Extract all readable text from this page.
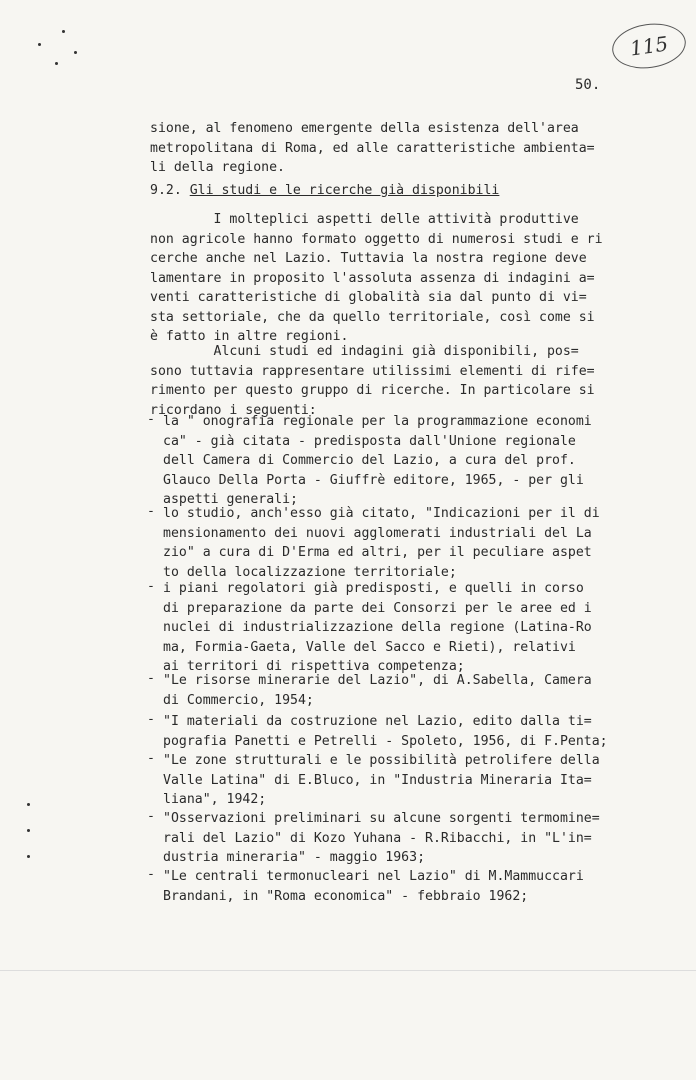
115
50.
sione, al fenomeno emergente della esistenza dell'area
metropolitana di Roma, ed alle caratteristiche ambienta=
li della regione.
9.2. Gli studi e le ricerche già disponibili
I molteplici aspetti delle attività produttive
non agricole hanno formato oggetto di numerosi studi e ri
cerche anche nel Lazio. Tuttavia la nostra regione deve
lamentare in proposito l'assoluta assenza di indagini a=
venti caratteristiche di globalità sia dal punto di vi=
sta settoriale, che da quello territoriale, così come si
è fatto in altre regioni.
Alcuni studi ed indagini già disponibili, pos=
sono tuttavia rappresentare utilissimi elementi di rife=
rimento per questo gruppo di ricerche. In particolare si
ricordano i seguenti:
- la " onografia regionale per la programmazione economi
ca" - già citata - predisposta dall'Unione regionale
dell Camera di Commercio del Lazio, a cura del prof.
Glauco Della Porta - Giuffrè editore, 1965, - per gli
aspetti generali;
- lo studio, anch'esso già citato, "Indicazioni per il di
mensionamento dei nuovi agglomerati industriali del La
zio" a cura di D'Erma ed altri, per il peculiare aspet
to della localizzazione territoriale;
- i piani regolatori già predisposti, e quelli in corso
di preparazione da parte dei Consorzi per le aree ed i
nuclei di industrializzazione della regione (Latina-Ro
ma, Formia-Gaeta, Valle del Sacco e Rieti), relativi
ai territori di rispettiva competenza;
- "Le risorse minerarie del Lazio", di A.Sabella, Camera
di Commercio, 1954;
- "I materiali da costruzione nel Lazio, edito dalla ti=
pografia Panetti e Petrelli - Spoleto, 1956, di F.Penta;
- "Le zone strutturali e le possibilità petrolifere della
Valle Latina" di E.Bluco, in "Industria Mineraria Ita=
liana", 1942;
- "Osservazioni preliminari su alcune sorgenti termomine=
rali del Lazio" di Kozo Yuhana - R.Ribacchi, in "L'in=
dustria mineraria" - maggio 1963;
- "Le centrali termonucleari nel Lazio" di M.Mammuccari
Brandani, in "Roma economica" - febbraio 1962;
